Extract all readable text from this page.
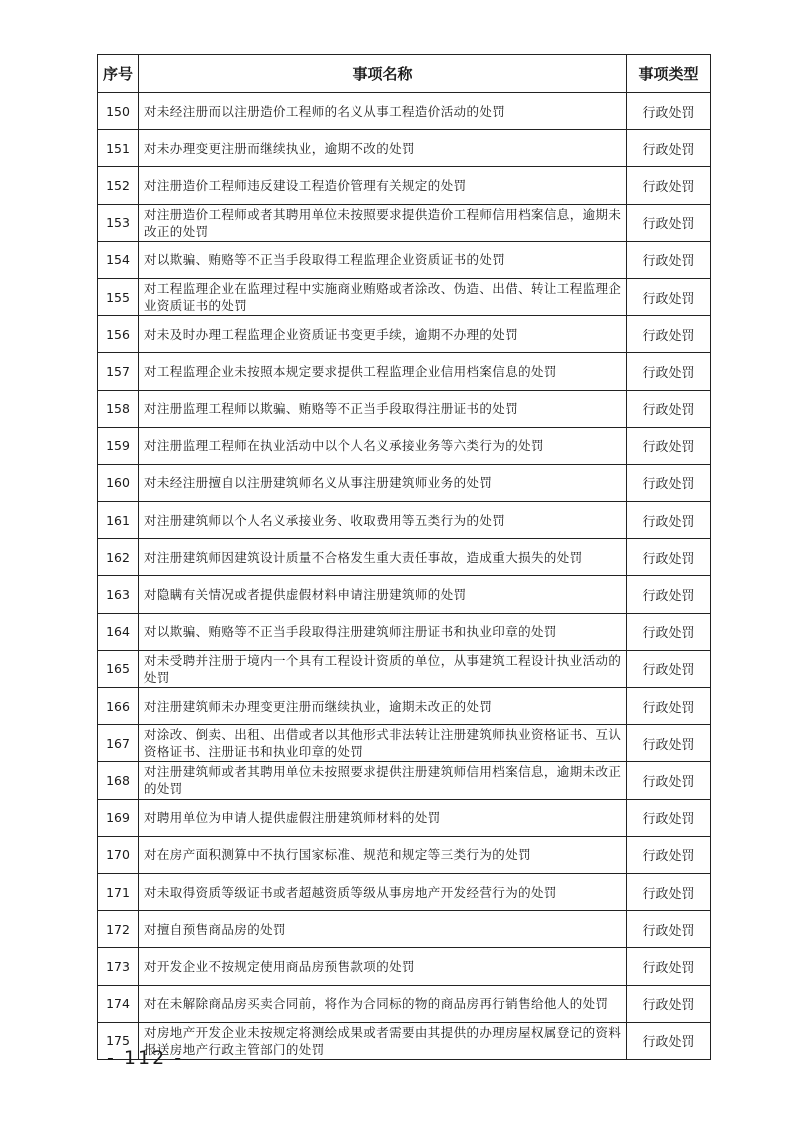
序号	事项名称	事项类型
150	对未经注册而以注册造价工程师的名义从事工程造价活动的处罚	行政处罚
151	对未办理变更注册而继续执业，逾期不改的处罚	行政处罚
152	对注册造价工程师违反建设工程造价管理有关规定的处罚	行政处罚
153	对注册造价工程师或者其聘用单位未按照要求提供造价工程师信用档案信息，逾期未改正的处罚	行政处罚
154	对以欺骗、贿赂等不正当手段取得工程监理企业资质证书的处罚	行政处罚
155	对工程监理企业在监理过程中实施商业贿赂或者涂改、伪造、出借、转让工程监理企业资质证书的处罚	行政处罚
156	对未及时办理工程监理企业资质证书变更手续，逾期不办理的处罚	行政处罚
157	对工程监理企业未按照本规定要求提供工程监理企业信用档案信息的处罚	行政处罚
158	对注册监理工程师以欺骗、贿赂等不正当手段取得注册证书的处罚	行政处罚
159	对注册监理工程师在执业活动中以个人名义承接业务等六类行为的处罚	行政处罚
160	对未经注册擅自以注册建筑师名义从事注册建筑师业务的处罚	行政处罚
161	对注册建筑师以个人名义承接业务、收取费用等五类行为的处罚	行政处罚
162	对注册建筑师因建筑设计质量不合格发生重大责任事故，造成重大损失的处罚	行政处罚
163	对隐瞒有关情况或者提供虚假材料申请注册建筑师的处罚	行政处罚
164	对以欺骗、贿赂等不正当手段取得注册建筑师注册证书和执业印章的处罚	行政处罚
165	对未受聘并注册于境内一个具有工程设计资质的单位，从事建筑工程设计执业活动的处罚	行政处罚
166	对注册建筑师未办理变更注册而继续执业，逾期未改正的处罚	行政处罚
167	对涂改、倒卖、出租、出借或者以其他形式非法转让注册建筑师执业资格证书、互认资格证书、注册证书和执业印章的处罚	行政处罚
168	对注册建筑师或者其聘用单位未按照要求提供注册建筑师信用档案信息，逾期未改正的处罚	行政处罚
169	对聘用单位为申请人提供虚假注册建筑师材料的处罚	行政处罚
170	对在房产面积测算中不执行国家标准、规范和规定等三类行为的处罚	行政处罚
171	对未取得资质等级证书或者超越资质等级从事房地产开发经营行为的处罚	行政处罚
172	对擅自预售商品房的处罚	行政处罚
173	对开发企业不按规定使用商品房预售款项的处罚	行政处罚
174	对在未解除商品房买卖合同前，将作为合同标的物的商品房再行销售给他人的处罚	行政处罚
175	对房地产开发企业未按规定将测绘成果或者需要由其提供的办理房屋权属登记的资料报送房地产行政主管部门的处罚	行政处罚
- 112 -
